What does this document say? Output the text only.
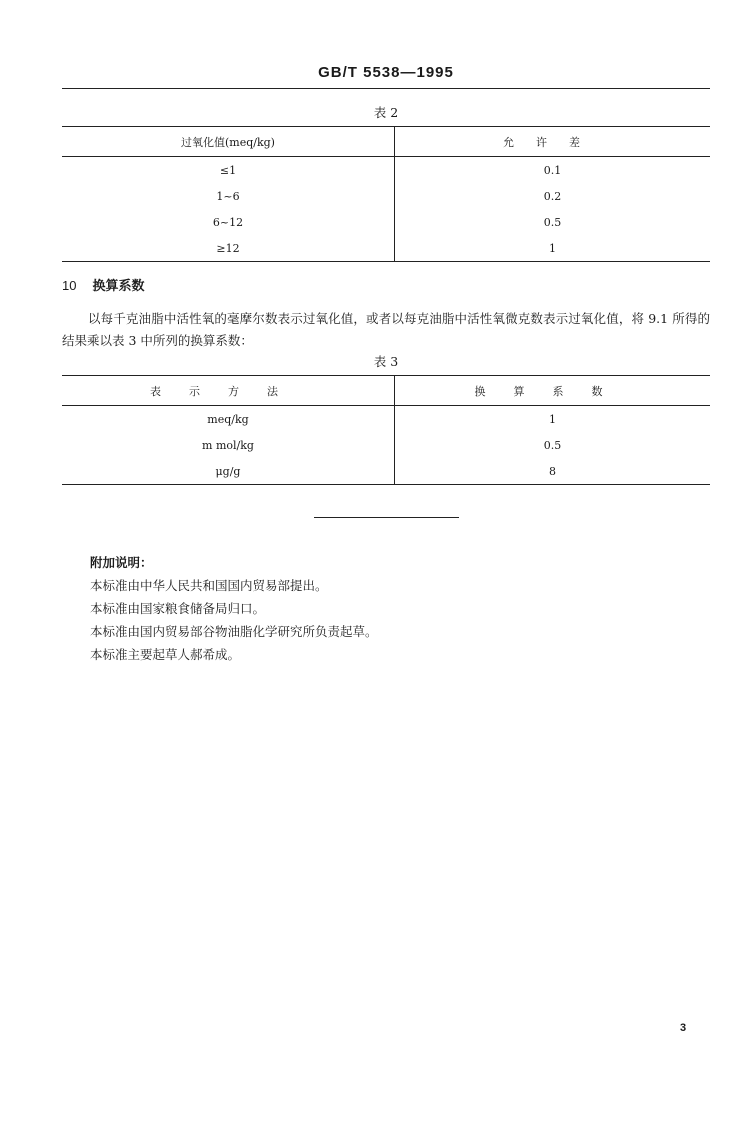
GB/T 5538—1995
表 2
过氧化值(meq/kg)	允许差
≤1	0.1
1~6	0.2
6~12	0.5
≥12	1
10 换算系数
以每千克油脂中活性氧的毫摩尔数表示过氧化值，或者以每克油脂中活性氧微克数表示过氧化值，将 9.1 所得的结果乘以表 3 中所列的换算系数：
表 3
表示方法	换算系数
meq/kg	1
m mol/kg	0.5
μg/g	8
附加说明：
本标准由中华人民共和国国内贸易部提出。
本标准由国家粮食储备局归口。
本标准由国内贸易部谷物油脂化学研究所负责起草。
本标准主要起草人郝希成。
3
